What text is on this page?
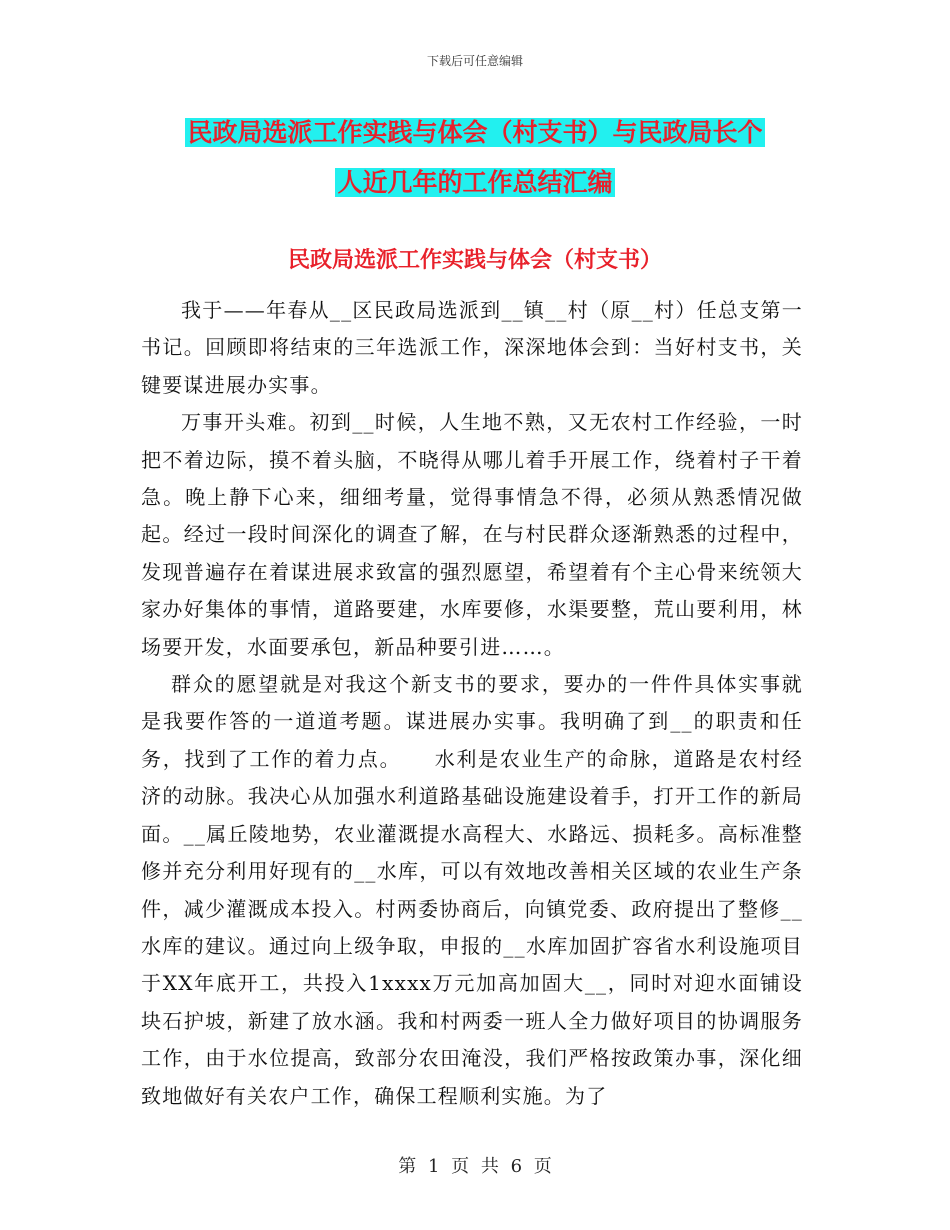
下载后可任意编辑
民政局选派工作实践与体会（村支书）与民政局长个
人近几年的工作总结汇编
民政局选派工作实践与体会（村支书）

我于——年春从__区民政局选派到__镇__村（原__村）任总支第一书记。回顾即将结束的三年选派工作，深深地体会到：当好村支书，关键要谋进展办实事。

万事开头难。初到__时候，人生地不熟，又无农村工作经验，一时把不着边际，摸不着头脑，不晓得从哪儿着手开展工作，绕着村子干着急。晚上静下心来，细细考量，觉得事情急不得，必须从熟悉情况做起。经过一段时间深化的调查了解，在与村民群众逐渐熟悉的过程中，发现普遍存在着谋进展求致富的强烈愿望，希望着有个主心骨来统领大家办好集体的事情，道路要建，水库要修，水渠要整，荒山要利用，林场要开发，水面要承包，新品种要引进……。

群众的愿望就是对我这个新支书的要求，要办的一件件具体实事就是我要作答的一道道考题。谋进展办实事。我明确了到__的职责和任务，找到了工作的着力点。　　水利是农业生产的命脉，道路是农村经济的动脉。我决心从加强水利道路基础设施建设着手，打开工作的新局面。__属丘陵地势，农业灌溉提水高程大、水路远、损耗多。高标准整修并充分利用好现有的__水库，可以有效地改善相关区域的农业生产条件，减少灌溉成本投入。村两委协商后，向镇党委、政府提出了整修__水库的建议。通过向上级争取，申报的__水库加固扩容省水利设施项目于XX年底开工，共投入1xxxx万元加高加固大__，同时对迎水面铺设块石护坡，新建了放水涵。我和村两委一班人全力做好项目的协调服务工作，由于水位提高，致部分农田淹没，我们严格按政策办事，深化细致地做好有关农户工作，确保工程顺利实施。为了

第 1 页 共 6 页
